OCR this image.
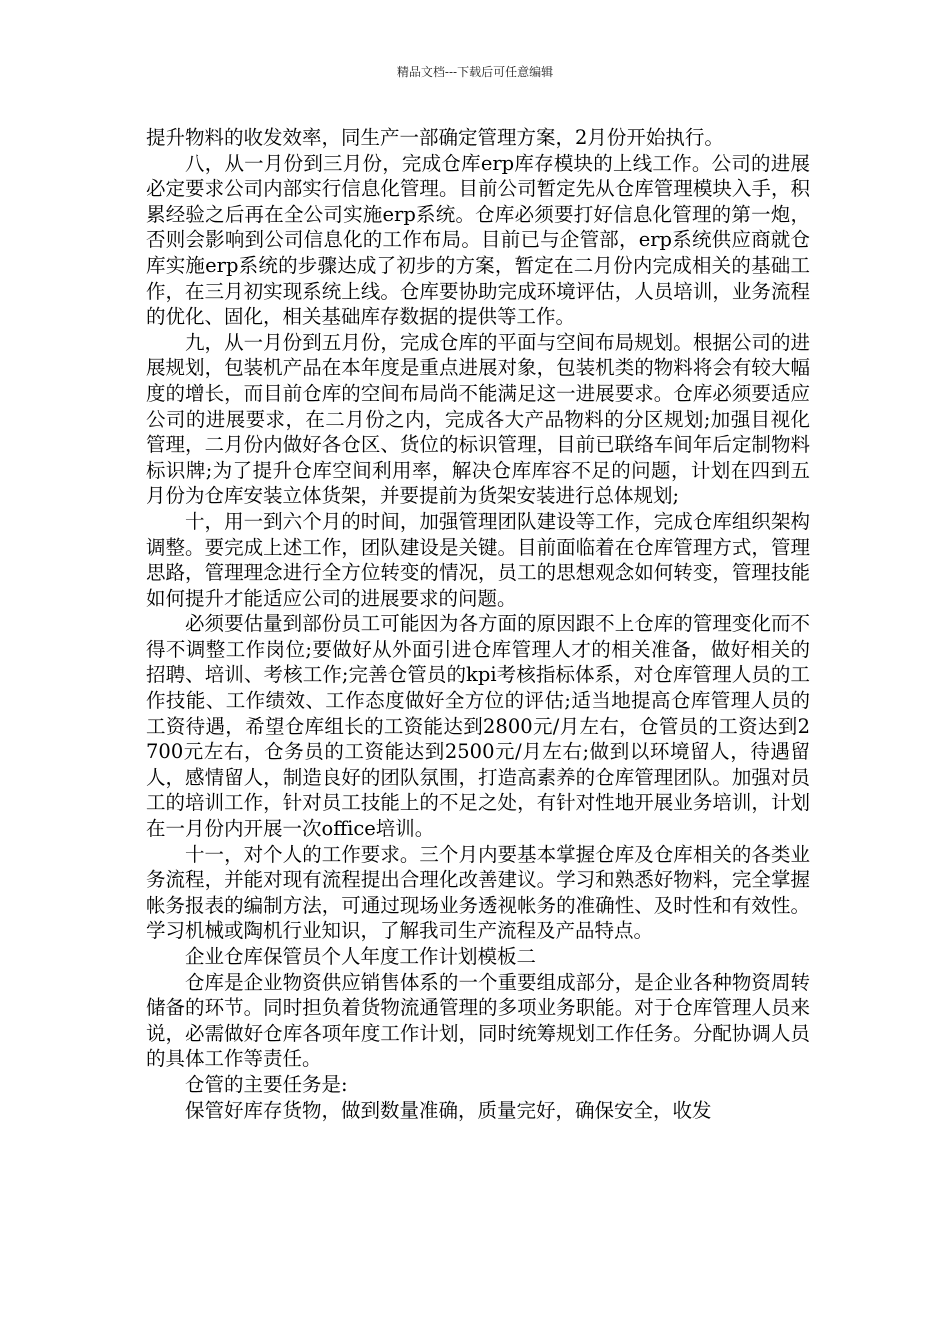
精品文档---下载后可任意编辑

提升物料的收发效率，同生产一部确定管理方案，2月份开始执行。

八，从一月份到三月份，完成仓库erp库存模块的上线工作。公司的进展必定要求公司内部实行信息化管理。目前公司暂定先从仓库管理模块入手，积累经验之后再在全公司实施erp系统。仓库必须要打好信息化管理的第一炮，否则会影响到公司信息化的工作布局。目前已与企管部，erp系统供应商就仓库实施erp系统的步骤达成了初步的方案，暂定在二月份内完成相关的基础工作，在三月初实现系统上线。仓库要协助完成环境评估，人员培训，业务流程的优化、固化，相关基础库存数据的提供等工作。

九，从一月份到五月份，完成仓库的平面与空间布局规划。根据公司的进展规划，包装机产品在本年度是重点进展对象，包装机类的物料将会有较大幅度的增长，而目前仓库的空间布局尚不能满足这一进展要求。仓库必须要适应公司的进展要求，在二月份之内，完成各大产品物料的分区规划;加强目视化管理，二月份内做好各仓区、货位的标识管理，目前已联络车间年后定制物料标识牌;为了提升仓库空间利用率，解决仓库库容不足的问题，计划在四到五月份为仓库安装立体货架，并要提前为货架安装进行总体规划;

十，用一到六个月的时间，加强管理团队建设等工作，完成仓库组织架构调整。要完成上述工作，团队建设是关键。目前面临着在仓库管理方式，管理思路，管理理念进行全方位转变的情况，员工的思想观念如何转变，管理技能如何提升才能适应公司的进展要求的问题。

必须要估量到部份员工可能因为各方面的原因跟不上仓库的管理变化而不得不调整工作岗位;要做好从外面引进仓库管理人才的相关准备，做好相关的招聘、培训、考核工作;完善仓管员的kpi考核指标体系，对仓库管理人员的工作技能、工作绩效、工作态度做好全方位的评估;适当地提高仓库管理人员的工资待遇，希望仓库组长的工资能达到2800元/月左右，仓管员的工资达到2700元左右，仓务员的工资能达到2500元/月左右;做到以环境留人，待遇留人，感情留人，制造良好的团队氛围，打造高素养的仓库管理团队。加强对员工的培训工作，针对员工技能上的不足之处，有针对性地开展业务培训，计划在一月份内开展一次office培训。

十一，对个人的工作要求。三个月内要基本掌握仓库及仓库相关的各类业务流程，并能对现有流程提出合理化改善建议。学习和熟悉好物料，完全掌握帐务报表的编制方法，可通过现场业务透视帐务的准确性、及时性和有效性。学习机械或陶机行业知识，了解我司生产流程及产品特点。

企业仓库保管员个人年度工作计划模板二

仓库是企业物资供应销售体系的一个重要组成部分，是企业各种物资周转储备的环节。同时担负着货物流通管理的多项业务职能。对于仓库管理人员来说，必需做好仓库各项年度工作计划，同时统筹规划工作任务。分配协调人员的具体工作等责任。

仓管的主要任务是:

保管好库存货物，做到数量准确，质量完好，确保安全，收发
